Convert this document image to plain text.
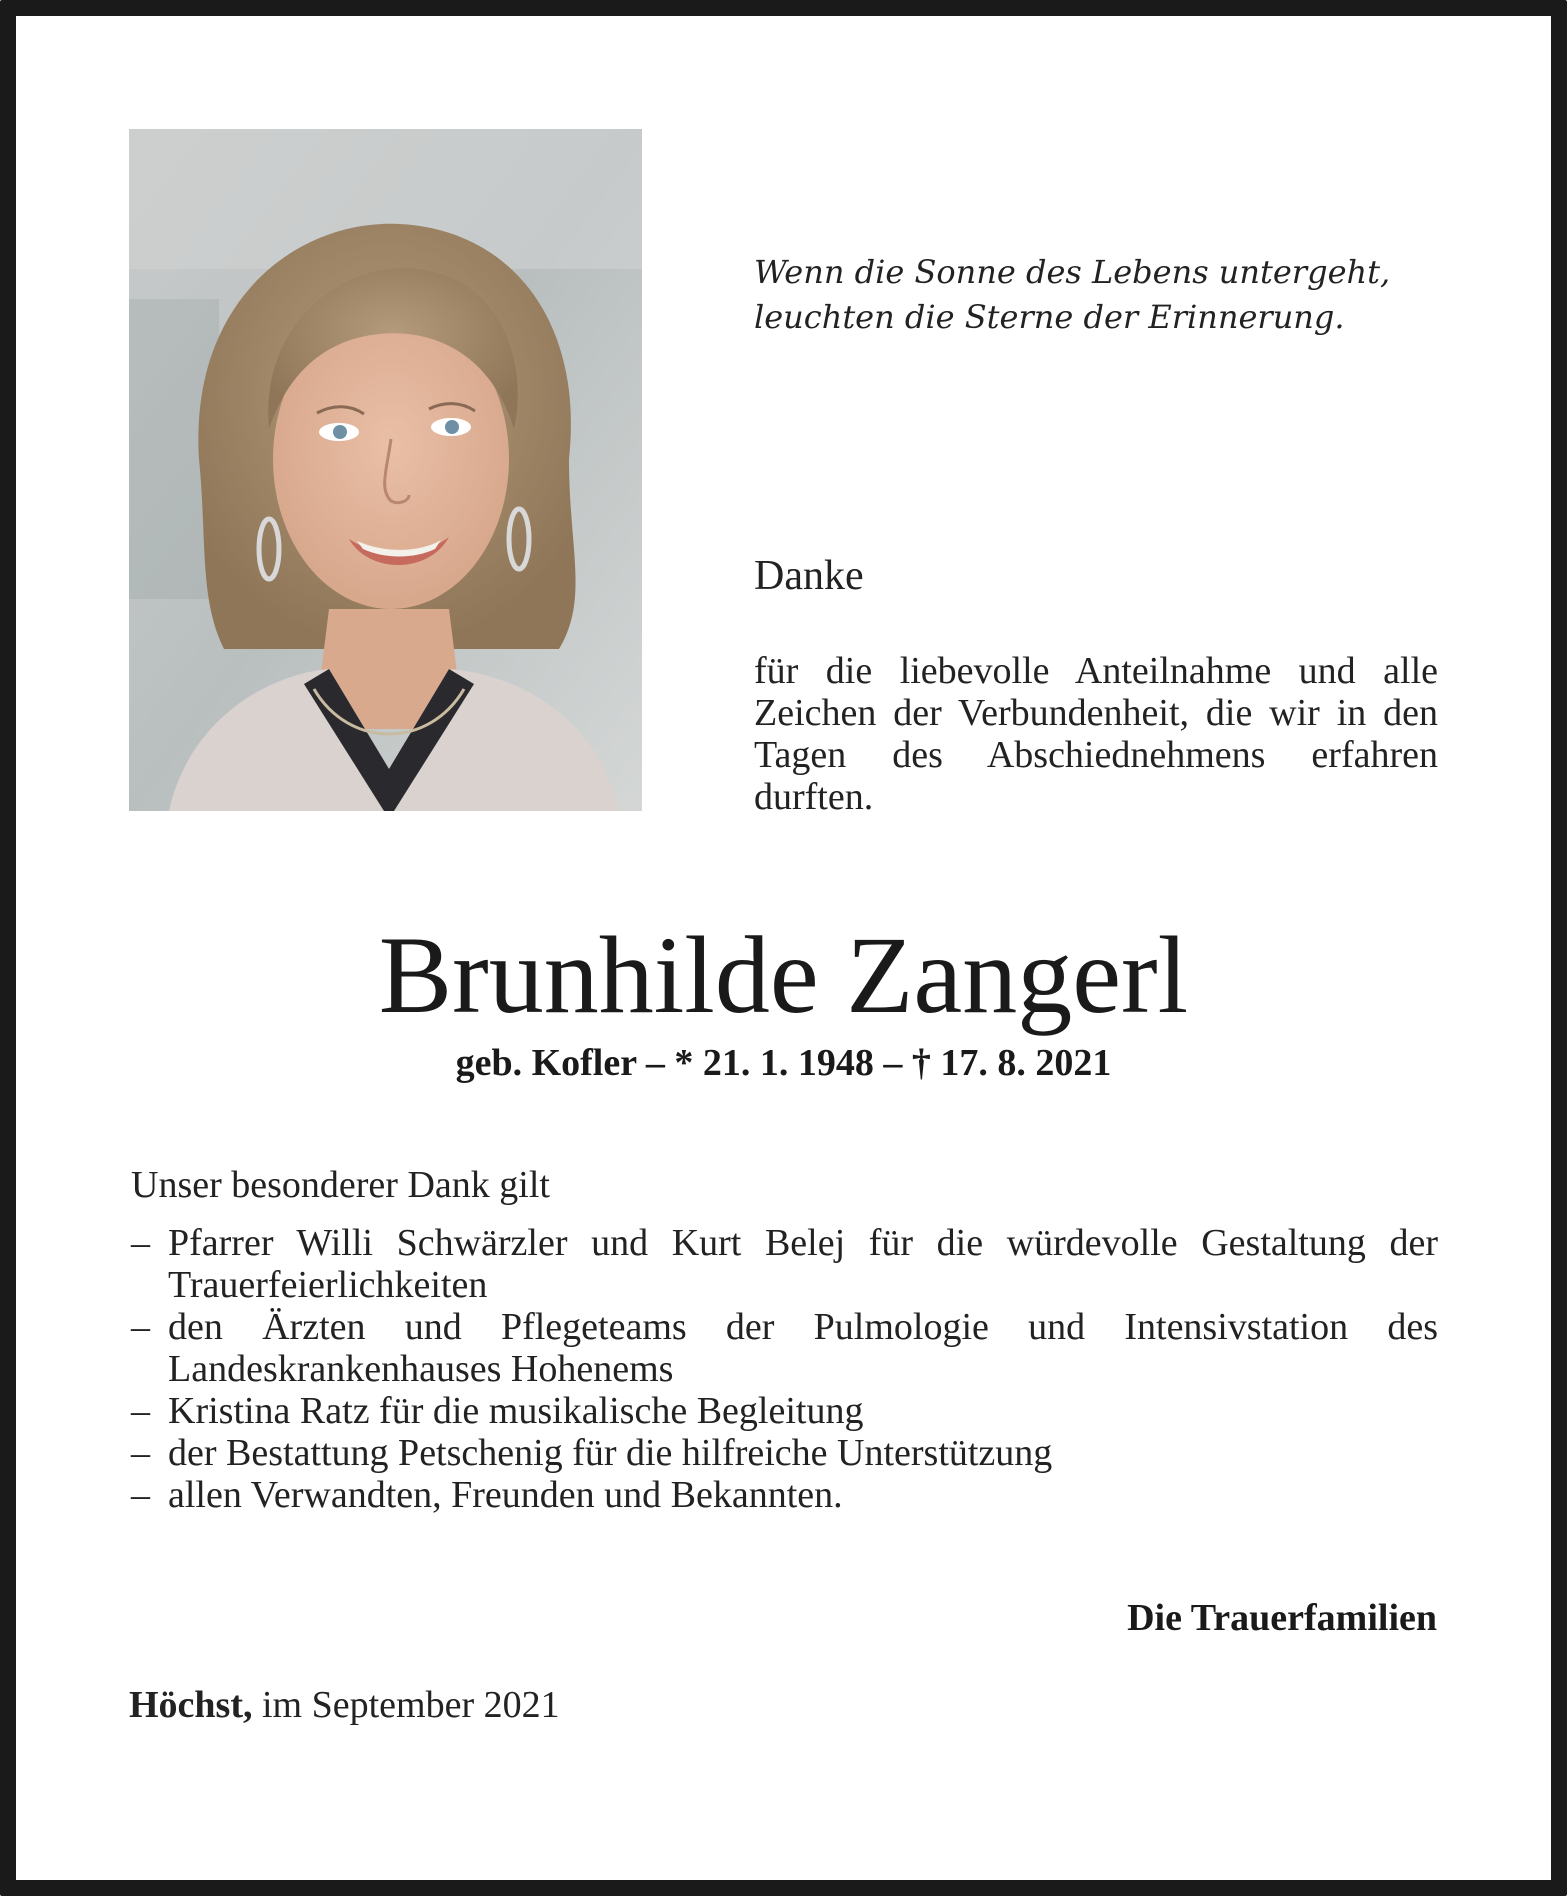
Wenn die Sonne des Lebens untergeht,
leuchten die Sterne der Erinnerung.
Danke
für die liebevolle Anteilnahme und alle Zeichen der Verbundenheit, die wir in den Tagen des Abschiednehmens erfahren durften.
Brunhilde Zangerl
geb. Kofler – * 21. 1. 1948 – † 17. 8. 2021
Unser besonderer Dank gilt
– Pfarrer Willi Schwärzler und Kurt Belej für die würdevolle Gestaltung der Trauerfeierlichkeiten
– den Ärzten und Pflegeteams der Pulmologie und Intensivstation des Landeskrankenhauses Hohenems
– Kristina Ratz für die musikalische Begleitung
– der Bestattung Petschenig für die hilfreiche Unterstützung
– allen Verwandten, Freunden und Bekannten.
Die Trauerfamilien
Höchst, im September 2021
